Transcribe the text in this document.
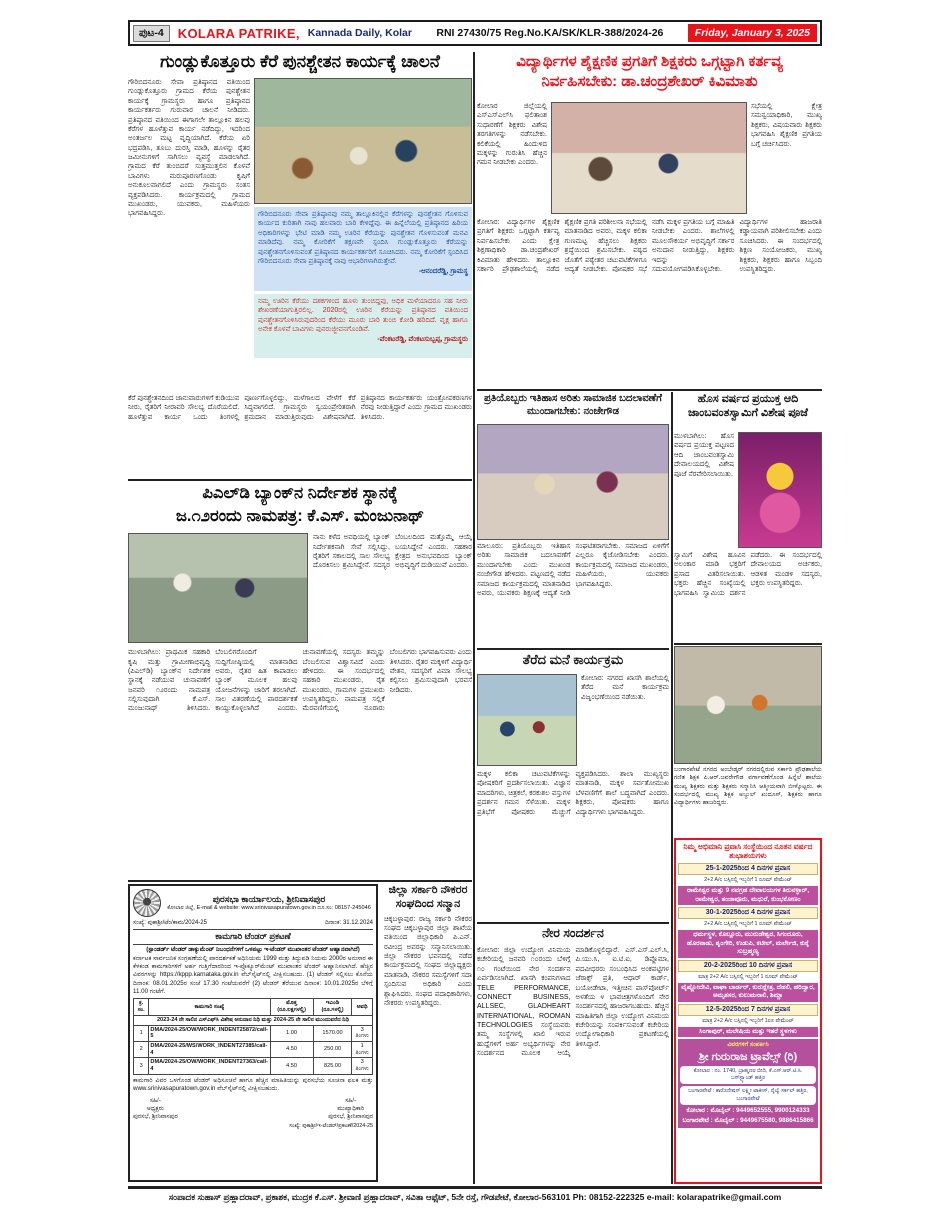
ಪುಟ-4	KOLARA PATRIKE, Kannada Daily, Kolar RNI 27430/75 Reg.No.KA/SK/KLR-388/2024-26	Friday, January 3, 2025
ಗುಂಡ್ಲುಕೊತ್ತೂರು ಕೆರೆ ಪುನಶ್ಚೇತನ ಕಾರ್ಯಕ್ಕೆ ಚಾಲನೆ
ಗೌರಿಬಿದನೂರು ಸೇವಾ ಪ್ರತಿಷ್ಠಾನದ ವತಿಯಿಂದ ಗುಂಡ್ಲುಕೊತ್ತೂರು ಗ್ರಾಮದ ಕೆರೆಯ ಪುನಶ್ಚೇತನ ಕಾರ್ಯಕ್ಕೆ ಗ್ರಾಮಸ್ಥರು ಹಾಗೂ ಪ್ರತಿಷ್ಠಾನದ ಕಾರ್ಯಕರ್ತರು ಗುರುವಾರ ಚಾಲನೆ ನೀಡಿದರು. ಪ್ರತಿಷ್ಠಾನದ ವತಿಯಿಂದ ಈಗಾಗಲೇ ತಾಲ್ಲೂಕಿನ ಹಲವು ಕೆರೆಗಳ ಹೂಳೆತ್ತುವ ಕಾರ್ಯ ನಡೆದಿದ್ದು, ಇದರಿಂದ ಅಂತರ್ಜಲ ಮಟ್ಟ ವೃದ್ಧಿಯಾಗಿದೆ. ಕೆರೆಯ ಏರಿ ಭದ್ರಪಡಿಸಿ, ತೂಬು ದುರಸ್ತಿ ಮಾಡಿ, ಹೂಳನ್ನು ರೈತರ ಜಮೀನುಗಳಿಗೆ ಸಾಗಿಸಲು ವ್ಯವಸ್ಥೆ ಮಾಡಲಾಗಿದೆ. ಗ್ರಾಮದ ಕೆರೆ ತುಂಬಿದರೆ ಸುತ್ತಮುತ್ತಲಿನ ಕೊಳವೆ ಬಾವಿಗಳು ಮರುಪೂರಣಗೊಂಡು ಕೃಷಿಗೆ ಅನುಕೂಲವಾಗಲಿದೆ ಎಂದು ಗ್ರಾಮಸ್ಥರು ಸಂತಸ ವ್ಯಕ್ತಪಡಿಸಿದರು. ಕಾರ್ಯಕ್ರಮದಲ್ಲಿ ಗ್ರಾಮದ ಮುಖಂಡರು, ಯುವಕರು, ಮಹಿಳೆಯರು ಭಾಗವಹಿಸಿದ್ದರು.	ಗೌರಿಬಿದನೂರು ಸೇವಾ ಪ್ರತಿಷ್ಠಾನವು ನಮ್ಮ ತಾಲ್ಲೂಕಿನಲ್ಲಿನ ಕೆರೆಗಳನ್ನು ಪುನಶ್ಚೇತನ ಗೊಳಿಸುವ ಕಾರ್ಯದ ಕುರಿತಾಗಿ ನಾವು ಹಲವಾರು ಬಾರಿ ಕೇಳಿದ್ದೆವು. ಈ ಹಿನ್ನೆಲೆಯಲ್ಲಿ ಪ್ರತಿಷ್ಠಾನದ ಹಿರಿಯ ಅಧಿಕಾರಿಗಳನ್ನು ಭೇಟಿ ಮಾಡಿ ನಮ್ಮ ಊರಿನ ಕೆರೆಯನ್ನು ಪುನಶ್ಚೇತನ ಗೊಳಿಸುವಂತೆ ಮನವಿ ಮಾಡಿದೆವು. ನಮ್ಮ ಕೋರಿಕೆಗೆ ತಕ್ಷಣವೇ ಸ್ಪಂದಿಸಿ ಗುಂಡ್ಲುಕೊತ್ತೂರು ಕೆರೆಯನ್ನು ಪುನಶ್ಚೇತನಗೊಳಿಸುವಂತೆ ಪ್ರತಿಷ್ಠಾನದ ಕಾರ್ಯಕರ್ತರಿಗೆ ಸೂಚಿಸಿದರು. ನಮ್ಮ ಕೋರಿಕೆಗೆ ಸ್ಪಂದಿಸಿದ ಗೌರಿಬಿದನೂರು ಸೇವಾ ಪ್ರತಿಷ್ಠಾನಕ್ಕೆ ನಾವು ಆಭಾರಿಗಳಾಗಿರುತ್ತೇವೆ.
-ಆನಂದರೆಡ್ಡಿ, ಗ್ರಾಮಸ್ಥ
ನಮ್ಮ ಊರಿನ ಕೆರೆಯು ದಶಕಗಳಿಂದ ಹೂಳು ತುಂಬಿದ್ದವು, ಅಧಿಕ ಮಳೆಯಾದರೂ ಸಹ ನೀರು ಶೇಖರಣೆಯಾಗುತ್ತಿರಲಿಲ್ಲ. 2020ರಲ್ಲಿ ಊರಿನ ಕೆರೆಯನ್ನು ಪ್ರತಿಷ್ಠಾನದ ವತಿಯಿಂದ ಪುನಶ್ಚೇತನಗೊಳಿಸಿರುವುದರಿಂದ ಕೆರೆಯು ಮೂರು ಬಾರಿ ತುಂಬಿ ಕೋಡಿ ಹರಿದಿದೆ. ವೃಕ್ಷ ಹಾಗೂ ಅನೇಕ ಕೊಳವೆ ಬಾವಿಗಳು ಪುನರುಜ್ಜೀವನಗೊಂಡಿವೆ.
-ವೆಂಕಟರೆಡ್ಡಿ, ವೆಂಕಟಸುಬ್ಬಪ್ಪ, ಗ್ರಾಮಸ್ಥರು
ಕೆರೆ ಪುನಶ್ಚೇತನದಿಂದ ಜಾನುವಾರುಗಳಿಗೆ ಕುಡಿಯುವ ನೀರು, ರೈತರಿಗೆ ನೀರಾವರಿ ಸೌಲಭ್ಯ ದೊರೆಯಲಿದೆ. ಹೂಳೆತ್ತುವ ಕಾರ್ಯ ಒಂದು ತಿಂಗಳಲ್ಲಿ ಪೂರ್ಣಗೊಳ್ಳಲಿದ್ದು, ಮಳೆಗಾಲದ ವೇಳೆಗೆ ಕೆರೆ ಸಿದ್ಧವಾಗಲಿದೆ. ಗ್ರಾಮಸ್ಥರು ಸ್ವಯಂಪ್ರೇರಿತರಾಗಿ ಶ್ರಮದಾನ ಮಾಡುತ್ತಿರುವುದು ವಿಶೇಷವಾಗಿದೆ. ಪ್ರತಿಷ್ಠಾನದ ಕಾರ್ಯಕರ್ತರು ಯಂತ್ರೋಪಕರಣಗಳ ನೆರವು ನೀಡುತ್ತಿದ್ದಾರೆ ಎಂದು ಗ್ರಾಮದ ಮುಖಂಡರು ತಿಳಿಸಿದರು.
ವಿದ್ಯಾರ್ಥಿಗಳ ಶೈಕ್ಷಣಿಕ ಪ್ರಗತಿಗೆ ಶಿಕ್ಷಕರು ಒಗ್ಗಟ್ಟಾಗಿ ಕರ್ತವ್ಯ ನಿರ್ವಹಿಸಬೇಕು: ಡಾ.ಚಂದ್ರಶೇಖರ್ ಕಿವಿಮಾತು
ಕೋಲಾರ ಜಿಲ್ಲೆಯಲ್ಲಿ ಎಸ್‌ಎಸ್‌ಎಲ್‌ಸಿ ಫಲಿತಾಂಶ ಸುಧಾರಣೆಗೆ ಶಿಕ್ಷಕರು ವಿಶೇಷ ತರಗತಿಗಳನ್ನು ನಡೆಸಬೇಕು. ಕಲಿಕೆಯಲ್ಲಿ ಹಿಂದುಳಿದ ಮಕ್ಕಳನ್ನು ಗುರುತಿಸಿ ಹೆಚ್ಚಿನ ಗಮನ ನೀಡಬೇಕು ಎಂದರು.
ಸಭೆಯಲ್ಲಿ ಕ್ಷೇತ್ರ ಸಮನ್ವಯಾಧಿಕಾರಿ, ಮುಖ್ಯ ಶಿಕ್ಷಕರು, ವಿಷಯವಾರು ಶಿಕ್ಷಕರು ಭಾಗವಹಿಸಿ ಶೈಕ್ಷಣಿಕ ಪ್ರಗತಿಯ ಬಗ್ಗೆ ಚರ್ಚಿಸಿದರು.
ಕೋಲಾರ: ವಿದ್ಯಾರ್ಥಿಗಳ ಶೈಕ್ಷಣಿಕ ಪ್ರಗತಿಗೆ ಶಿಕ್ಷಕರು ಒಗ್ಗಟ್ಟಾಗಿ ಕರ್ತವ್ಯ ನಿರ್ವಹಿಸಬೇಕು ಎಂದು ಕ್ಷೇತ್ರ ಶಿಕ್ಷಣಾಧಿಕಾರಿ ಡಾ.ಚಂದ್ರಶೇಖರ್ ಕಿವಿಮಾತು ಹೇಳಿದರು. ತಾಲ್ಲೂಕಿನ ಸರ್ಕಾರಿ ಪ್ರೌಢಶಾಲೆಯಲ್ಲಿ ನಡೆದ ಶೈಕ್ಷಣಿಕ ಪ್ರಗತಿ ಪರಿಶೀಲನಾ ಸಭೆಯಲ್ಲಿ ಮಾತನಾಡಿದ ಅವರು, ಮಕ್ಕಳ ಕಲಿಕಾ ಗುಣಮಟ್ಟ ಹೆಚ್ಚಿಸಲು ಶಿಕ್ಷಕರು ಶ್ರದ್ಧೆಯಿಂದ ಶ್ರಮಿಸಬೇಕು. ಪಠ್ಯದ ಜೊತೆಗೆ ಪಠ್ಯೇತರ ಚಟುವಟಿಕೆಗಳಿಗೂ ಆದ್ಯತೆ ನೀಡಬೇಕು. ಪೋಷಕರ ಸಭೆ ನಡೆಸಿ ಮಕ್ಕಳ ಪ್ರಗತಿಯ ಬಗ್ಗೆ ಮಾಹಿತಿ ನೀಡಬೇಕು ಎಂದರು. ಶಾಲೆಗಳಲ್ಲಿ ಮೂಲಸೌಕರ್ಯ ಅಭಿವೃದ್ಧಿಗೆ ಸರ್ಕಾರ ಅನುದಾನ ನೀಡುತ್ತಿದ್ದು, ಶಿಕ್ಷಕರು ಇದನ್ನು ಸದುಪಯೋಗಪಡಿಸಿಕೊಳ್ಳಬೇಕು. ವಿದ್ಯಾರ್ಥಿಗಳ ಹಾಜರಾತಿ ಕಡ್ಡಾಯವಾಗಿ ಪರಿಶೀಲಿಸಬೇಕು ಎಂದು ಸೂಚಿಸಿದರು. ಈ ಸಂದರ್ಭದಲ್ಲಿ ಶಿಕ್ಷಣ ಸಂಯೋಜಕರು, ಮುಖ್ಯ ಶಿಕ್ಷಕರು, ಶಿಕ್ಷಕರು ಹಾಗೂ ಸಿಬ್ಬಂದಿ ಉಪಸ್ಥಿತರಿದ್ದರು.
ಪ್ರತಿಯೊಬ್ಬರು ಇತಿಹಾಸ ಅರಿತು ಸಾಮಾಜಿಕ ಬದಲಾವಣೆಗೆ ಮುಂದಾಗಬೇಕು: ನಂಜೇಗೌಡ
ಮಾಲೂರು: ಪ್ರತಿಯೊಬ್ಬರು ಇತಿಹಾಸ ಅರಿತು ಸಾಮಾಜಿಕ ಬದಲಾವಣೆಗೆ ಮುಂದಾಗಬೇಕು ಎಂದು ಮುಖಂಡ ನಂಜೇಗೌಡ ಹೇಳಿದರು. ಪಟ್ಟಣದಲ್ಲಿ ನಡೆದ ಸಮಾಜದ ಕಾರ್ಯಕ್ರಮದಲ್ಲಿ ಮಾತನಾಡಿದ ಅವರು, ಯುವಕರು ಶಿಕ್ಷಣಕ್ಕೆ ಆದ್ಯತೆ ನೀಡಿ ಸಂಘಟಿತರಾಗಬೇಕು. ಸಮಾಜದ ಏಳಿಗೆಗೆ ಎಲ್ಲರೂ ಕೈಜೋಡಿಸಬೇಕು ಎಂದರು. ಕಾರ್ಯಕ್ರಮದಲ್ಲಿ ಸಮಾಜದ ಮುಖಂಡರು, ಮಹಿಳೆಯರು, ಯುವಕರು ಭಾಗವಹಿಸಿದ್ದರು.
ಹೊಸ ವರ್ಷದ ಪ್ರಯುಕ್ತ ಆದಿ ಜಾಂಬವಂತಸ್ವಾಮಿಗೆ ವಿಶೇಷ ಪೂಜೆ
ಮುಳಬಾಗಿಲು: ಹೊಸ ವರ್ಷದ ಪ್ರಯುಕ್ತ ಪಟ್ಟಣದ ಆದಿ ಜಾಂಬವಂತಸ್ವಾಮಿ ದೇವಾಲಯದಲ್ಲಿ ವಿಶೇಷ ಪೂಜೆ ನೆರವೇರಿಸಲಾಯಿತು.
ಸ್ವಾಮಿಗೆ ವಿಶೇಷ ಹೂವಿನ ಅಲಂಕಾರ ಮಾಡಿ ಭಕ್ತರಿಗೆ ಪ್ರಸಾದ ವಿತರಿಸಲಾಯಿತು. ಭಕ್ತರು ಹೆಚ್ಚಿನ ಸಂಖ್ಯೆಯಲ್ಲಿ ಭಾಗವಹಿಸಿ ಸ್ವಾಮಿಯ ದರ್ಶನ ಪಡೆದರು. ಈ ಸಂದರ್ಭದಲ್ಲಿ ದೇವಾಲಯದ ಅರ್ಚಕರು, ಆಡಳಿತ ಮಂಡಳಿ ಸದಸ್ಯರು, ಭಕ್ತರು ಉಪಸ್ಥಿತರಿದ್ದರು.
ಪಿಎಲ್‌ಡಿ ಬ್ಯಾಂಕ್‌ನ ನಿರ್ದೇಶಕ ಸ್ಥಾನಕ್ಕೆ
ಜ.೧೨ರಂದು ನಾಮಪತ್ರ: ಕೆ.ಎಸ್. ಮಂಜುನಾಥ್
ನಾನು ಕಳೆದ ಅವಧಿಯಲ್ಲಿ ಬ್ಯಾಂಕ್ ನಿರ್ದೇಶಕನಾಗಿ ಸೇವೆ ಸಲ್ಲಿಸಿದ್ದು, ರೈತರಿಗೆ ಸಕಾಲದಲ್ಲಿ ಸಾಲ ಸೌಲಭ್ಯ ದೊರಕಿಸಲು ಶ್ರಮಿಸಿದ್ದೇನೆ. ಸದಸ್ಯರ ಬೆಂಬಲದಿಂದ ಮತ್ತೊಮ್ಮೆ ಆಯ್ಕೆ ಬಯಸಿದ್ದೇನೆ ಎಂದರು. ಸಹಕಾರ ಕ್ಷೇತ್ರದ ಅನುಭವದಿಂದ ಬ್ಯಾಂಕ್ ಅಭಿವೃದ್ಧಿಗೆ ದುಡಿಯುವೆ ಎಂದರು.
ಮುಳಬಾಗಿಲು: ಪ್ರಾಥಮಿಕ ಸಹಕಾರಿ ಕೃಷಿ ಮತ್ತು ಗ್ರಾಮೀಣಾಭಿವೃದ್ಧಿ (ಪಿಎಲ್‌ಡಿ) ಬ್ಯಾಂಕ್‌ನ ನಿರ್ದೇಶಕ ಸ್ಥಾನಕ್ಕೆ ನಡೆಯುವ ಚುನಾವಣೆಗೆ ಜನವರಿ ೧೨ರಂದು ನಾಮಪತ್ರ ಸಲ್ಲಿಸುವುದಾಗಿ ಕೆ.ಎಸ್. ಮಂಜುನಾಥ್ ತಿಳಿಸಿದರು. ಬೆಂಬಲಿಗರೊಂದಿಗೆ ಸುದ್ದಿಗೋಷ್ಠಿಯಲ್ಲಿ ಮಾತನಾಡಿದ ಅವರು, ರೈತರ ಹಿತ ಕಾಪಾಡಲು ಬ್ಯಾಂಕ್ ಮೂಲಕ ಹಲವು ಯೋಜನೆಗಳನ್ನು ಜಾರಿಗೆ ತರಲಾಗಿದೆ. ಸಾಲ ವಿತರಣೆಯಲ್ಲಿ ಪಾರದರ್ಶಕತೆ ಕಾಯ್ದುಕೊಳ್ಳಲಾಗಿದೆ ಎಂದರು. ಚುನಾವಣೆಯಲ್ಲಿ ಸದಸ್ಯರು ತಮ್ಮನ್ನು ಬೆಂಬಲಿಸುವ ವಿಶ್ವಾಸವಿದೆ ಎಂದು ಹೇಳಿದರು. ಈ ಸಂದರ್ಭದಲ್ಲಿ ಸಹಕಾರಿ ಮುಖಂಡರು, ರೈತ ಮುಖಂಡರು, ಗ್ರಾಮಗಳ ಪ್ರಮುಖರು ಉಪಸ್ಥಿತರಿದ್ದರು. ನಾಮಪತ್ರ ಸಲ್ಲಿಕೆ ಮೆರವಣಿಗೆಯಲ್ಲಿ ನೂರಾರು ಬೆಂಬಲಿಗರು ಭಾಗವಹಿಸುವರು ಎಂದು ತಿಳಿಸಿದರು. ರೈತರ ಮಕ್ಕಳಿಗೆ ವಿದ್ಯಾರ್ಥಿ ವೇತನ, ಸದಸ್ಯರಿಗೆ ವಿಮಾ ಸೌಲಭ್ಯ ಕಲ್ಪಿಸಲು ಶ್ರಮಿಸುವುದಾಗಿ ಭರವಸೆ ನೀಡಿದರು.
ತೆರೆದ ಮನೆ ಕಾರ್ಯಕ್ರಮ
ಕೋಲಾರ: ನಗರದ ಖಾಸಗಿ ಶಾಲೆಯಲ್ಲಿ ತೆರೆದ ಮನೆ ಕಾರ್ಯಕ್ರಮ ವಿಜೃಂಭಣೆಯಿಂದ ನಡೆಯಿತು.
ಮಕ್ಕಳ ಕಲಿಕಾ ಚಟುವಟಿಕೆಗಳನ್ನು ಪೋಷಕರಿಗೆ ಪ್ರದರ್ಶಿಸಲಾಯಿತು. ವಿಜ್ಞಾನ ಮಾದರಿಗಳು, ಚಿತ್ರಕಲೆ, ಕರಕುಶಲ ವಸ್ತುಗಳ ಪ್ರದರ್ಶನ ಗಮನ ಸೆಳೆಯಿತು. ಮಕ್ಕಳ ಪ್ರತಿಭೆಗೆ ಪೋಷಕರು ಮೆಚ್ಚುಗೆ ವ್ಯಕ್ತಪಡಿಸಿದರು. ಶಾಲಾ ಮುಖ್ಯಸ್ಥರು ಮಾತನಾಡಿ, ಮಕ್ಕಳ ಸರ್ವತೋಮುಖ ಬೆಳವಣಿಗೆಗೆ ಶಾಲೆ ಬದ್ಧವಾಗಿದೆ ಎಂದರು. ಶಿಕ್ಷಕರು, ಪೋಷಕರು ಹಾಗೂ ವಿದ್ಯಾರ್ಥಿಗಳು ಭಾಗವಹಿಸಿದ್ದರು.
ನೇರ ಸಂದರ್ಶನ
ಕೋಲಾರ: ಜಿಲ್ಲಾ ಉದ್ಯೋಗ ವಿನಿಮಯ ಕಚೇರಿಯಲ್ಲಿ ಜನವರಿ ೧೦ರಂದು ಬೆಳಿಗ್ಗೆ ೧೦ ಗಂಟೆಯಿಂದ ನೇರ ಸಂದರ್ಶನ ಏರ್ಪಡಿಸಲಾಗಿದೆ. ಖಾಸಗಿ ಕಂಪನಿಗಳಾದ TELE PERFORMANCE, CONNECT BUSINESS, ALLSEC, GLADHEART INTERNATIONAL, ROOMAN TECHNOLOGIES ಸಂಸ್ಥೆಯವರು ತಮ್ಮ ಸಂಸ್ಥೆಗಳಲ್ಲಿ ಖಾಲಿ ಇರುವ ಹುದ್ದೆಗಳಿಗೆ ಅರ್ಹ ಅಭ್ಯರ್ಥಿಗಳನ್ನು ನೇರ ಸಂದರ್ಶನದ ಮೂಲಕ ಆಯ್ಕೆ ಮಾಡಿಕೊಳ್ಳಲಿದ್ದಾರೆ. ಎಸ್.ಎಸ್.ಎಲ್.ಸಿ, ಪಿ.ಯು.ಸಿ, ಐ.ಟಿ.ಐ, ಡಿಪ್ಲೊಮಾ, ಪದವೀಧರರು ಸಂಬಂಧಿಸಿದ ಅಂಕಪಟ್ಟಿಗಳ ಜೆರಾಕ್ಸ್ ಪ್ರತಿ, ಆಧಾರ್ ಕಾರ್ಡ್, ಬಯೋಡೇಟಾ, ಇತ್ತೀಚಿನ ಪಾಸ್‌ಪೋರ್ಟ್ ಅಳತೆಯ ೪ ಭಾವಚಿತ್ರಗಳೊಂದಿಗೆ ನೇರ ಸಂದರ್ಶನದಲ್ಲಿ ಹಾಜರಾಗಬಹುದು. ಹೆಚ್ಚಿನ ಮಾಹಿತಿಗಾಗಿ ಜಿಲ್ಲಾ ಉದ್ಯೋಗ ವಿನಿಮಯ ಕಚೇರಿಯನ್ನು ಸಂಪರ್ಕಿಸುವಂತೆ ಕಚೇರಿಯ ಉದ್ಯೋಗಾಧಿಕಾರಿ ಪ್ರಕಟಣೆಯಲ್ಲಿ ತಿಳಿಸಿದ್ದಾರೆ.
ಜಿಲ್ಲಾ ಸರ್ಕಾರಿ ನೌಕರರ ಸಂಘದಿಂದ ಸನ್ಮಾನ
ಚಿಕ್ಕಬಳ್ಳಾಪುರ: ರಾಜ್ಯ ಸರ್ಕಾರಿ ನೌಕರರ ಸಂಘದ ಚಿಕ್ಕಬಳ್ಳಾಪುರ ಜಿಲ್ಲಾ ಶಾಖೆಯ ವತಿಯಿಂದ ಜಿಲ್ಲಾಧಿಕಾರಿ ಪಿ.ಎನ್. ರವೀಂದ್ರ ಅವರನ್ನು ಸನ್ಮಾನಿಸಲಾಯಿತು. ಜಿಲ್ಲಾ ನೌಕರರ ಭವನದಲ್ಲಿ ನಡೆದ ಕಾರ್ಯಕ್ರಮದಲ್ಲಿ ಸಂಘದ ಜಿಲ್ಲಾಧ್ಯಕ್ಷರು ಮಾತನಾಡಿ, ನೌಕರರ ಸಮಸ್ಯೆಗಳಿಗೆ ಸದಾ ಸ್ಪಂದಿಸುವ ಅಧಿಕಾರಿ ಎಂದು ಶ್ಲಾಘಿಸಿದರು. ಸಂಘದ ಪದಾಧಿಕಾರಿಗಳು, ನೌಕರರು ಉಪಸ್ಥಿತರಿದ್ದರು.
ಬಂಗಾರಪೇಟೆ ನಗರದ ಅಂಬೇಡ್ಕರ್ ನಗರದಲ್ಲಿರುವ ಸರ್ಕಾರಿ ಪ್ರೌಢಶಾಲೆಯ ಗಣಿತ ಶಿಕ್ಷಕ ಪಿ.ಆರ್.ಜವರೇಗೌಡ ವರ್ಗಾವಣೆಗೊಂಡ ಹಿನ್ನೆಲೆ ಶಾಲೆಯ ಮುಖ್ಯ ಶಿಕ್ಷಕರು ಮತ್ತು ಶಿಕ್ಷಕರು ಸನ್ಮಾನಿಸಿ ಆತ್ಮೀಯವಾಗಿ ಬೀಳ್ಕೊಟ್ಟರು. ಈ ಸಂದರ್ಭದಲ್ಲಿ ಮುಖ್ಯ ಶಿಕ್ಷಕ ಅಬ್ದುಲ್ ಖುದೂಸ್, ಶಿಕ್ಷಕರು ಹಾಗೂ ವಿದ್ಯಾರ್ಥಿಗಳು ಹಾಜರಿದ್ದರು.
ಪುರಸಭಾ ಕಾರ್ಯಾಲಯ, ಶ್ರೀನಿವಾಸಪುರ
ಕೋಲಾರ ಜಿಲ್ಲೆ, E-mail & website: www.srinivasapuratown.gov.in ದೂ.ಸಂ: 08157-245046
ಸಂಖ್ಯೆ: ಪುಕಾಶ್ರೀ/ಟೆಂ/ಕಾಮ/2024-25	ದಿನಾಂಕ: 31.12.2024
ಕಾಮಗಾರಿ ಟೆಂಡರ್ ಪ್ರಕಟಣೆ
(ಸ್ಟಾಂಡರ್ಡ್ ಟೆಂಡರ್ ಡಾಕ್ಯುಮೆಂಟ್ ನಿಬಂಧನೆಗಳಿಗೆ ಒಳಪಟ್ಟು ಇ-ಟೆಂಡರ್ ಮುಖಾಂತರ ಟೆಂಡರ್ ಆಹ್ವಾನವಾಗಿದೆ)
ಕರ್ನಾಟಕ ಸಾರ್ವಜನಿಕ ಸಂಗ್ರಹಣೆಯಲ್ಲಿ ಪಾರದರ್ಶಕತೆ ಅಧಿನಿಯಮ 1999 ಮತ್ತು ತಿದ್ದುಪಡಿ ನಿಯಮ 2000ರ ಅನುಸಾರ ಈ ಕೆಳಕಂಡ ಕಾಮಗಾರಿಗಳಿಗೆ ಅರ್ಹ ಗುತ್ತಿಗೆದಾರರಿಂದ ಇ-ಪ್ರೊಕ್ಯೂರ್‌ಮೆಂಟ್ ಮುಖಾಂತರ ಟೆಂಡರ್ ಆಹ್ವಾನಿಸಲಾಗಿದೆ. ಹೆಚ್ಚಿನ ವಿವರಗಳನ್ನು https://kppp.karnataka.gov.in ವೆಬ್‌ಸೈಟ್‌ನಲ್ಲಿ ವೀಕ್ಷಿಸಬಹುದು. (1) ಟೆಂಡರ್ ಸಲ್ಲಿಸಲು ಕೊನೆಯ ದಿನಾಂಕ: 08.01.2025ರ ಸಂಜೆ 17.30 ಗಂಟೆಯವರೆಗೆ (2) ಟೆಂಡರ್ ತೆರೆಯುವ ದಿನಾಂಕ: 10.01.2025ರ ಬೆಳಿಗ್ಗೆ 11.00 ಗಂಟೆಗೆ.
ಕ್ರ. ಸಂ.	ಕಾಮಗಾರಿ ಸಂಖ್ಯೆ	ಮೊತ್ತ (ರೂ.ಲಕ್ಷಗಳಲ್ಲಿ)	ಇಎಂಡಿ (ರೂ.ಗಳಲ್ಲಿ)	ಅವಧಿ
2023-24 ನೇ ಸಾಲಿನ ಎಸ್‌ಎಫ್‌ಸಿ ವಿಶೇಷ ಅನುದಾನ ನಿಧಿ ಮತ್ತು 2024-25 ನೇ ಸಾಲಿನ ಮುಂದುವರೆದ ನಿಧಿ				
1	DMA/2024-25/OW/WORK_INDENT25872/call-5	1.00	1570.00	3 ತಿಂಗಳು
2	DMA/2024-25/WS/WORK_INDENT27385/call-4	4.50	250.00	1 ತಿಂಗಳು
3	DMA/2024-25/OW/WORK_INDENT27363/call-4	4.50	825.00	3 ತಿಂಗಳು
ಕಾಮಗಾರಿ ವಿವರ ಒಳಗೊಂಡ ಟೆಂಡರ್ ಅಧಿಸೂಚನೆ ಹಾಗೂ ಹೆಚ್ಚಿನ ಮಾಹಿತಿಯನ್ನು ಪುರಸಭೆಯ ಸೂಚನಾ ಫಲಕ ಮತ್ತು www.srinivasapuratown.gov.in ವೆಬ್‌ಸೈಟ್‌ನಲ್ಲಿ ವೀಕ್ಷಿಸಬಹುದು.
ಸಹಿ/-
ಅಧ್ಯಕ್ಷರು
ಪುರಸಭೆ, ಶ್ರೀನಿವಾಸಪುರ
ಸಹಿ/-
ಮುಖ್ಯಾಧಿಕಾರಿ
ಪುರಸಭೆ, ಶ್ರೀನಿವಾಸಪುರ
ಸಂಖ್ಯೆ: ಪುಕಾಶ್ರೀ/ಇ-ಟೆಂಡರ್/ಪ್ರಕಟಣೆ/2024-25
ನಿಮ್ಮ ಅಭಿಮಾನಿ ಪ್ರವಾಸಿ ಸಂಸ್ಥೆಯಿಂದ ನೂತನ ವರ್ಷದ ಶುಭಾಶಯಗಳು
25-1-2025ರಿಂದ 4 ದಿನಗಳ ಪ್ರವಾಸ
2+2 A/c ಬಸ್ಸಿನಲ್ಲಿ ಇಬ್ಬರಿಗೆ 1 ರೂಮ್ ಪೇಮೆಂಟ್
ರಾಮೇಶ್ವರ ಮತ್ತು 9 ನವಗ್ರಹ ದೇವಾಲಯಗಳ ತಿರುನಳ್ಳಾರ್, ರಾಮೇಶ್ವರ, ತಂಜಾವೂರು, ಮಧುರೆ, ಕುಂಭಕೋಣಂ
30-1-2025ರಿಂದ 4 ದಿನಗಳ ಪ್ರವಾಸ
2+2 A/c ಬಸ್ಸಿನಲ್ಲಿ ಇಬ್ಬರಿಗೆ 1 ರೂಮ್ ಪೇಮೆಂಟ್
ಧರ್ಮಸ್ಥಳ, ಕೊಲ್ಲೂರು, ಮುರುಡೇಶ್ವರ, ಸಿಗಂದೂರು, ಹೊರನಾಡು, ಶೃಂಗೇರಿ, ಉಡುಪಿ, ಕಟೀಲ್, ಮರ್ಲೇಜಿ, ಕುಕ್ಕೆ ಸುಬ್ರಹ್ಮಣ್ಯ
20-2-2025ರಿಂದ 10 ದಿನಗಳ ಪ್ರವಾಸ
ಮಾತ್ರ 2+2 A/c ಬಸ್ಸಿನಲ್ಲಿ ಇಬ್ಬರಿಗೆ 1 ರೂಮ್ ಪೇಮೆಂಟ್
ವೈಷ್ಣೋದೇವಿ, ವಾಘಾ ಬಾರ್ಡರ್, ಕುರುಕ್ಷೇತ್ರ, ದೆಹಲಿ, ಹರಿದ್ವಾರ, ಅಮೃತಸರ, ಕುಲುಮನಾಲಿ, ಶಿಮ್ಲಾ
12-5-2025ರಿಂದ 7 ದಿನಗಳ ಪ್ರವಾಸ
ಮಾತ್ರ 2+2 A/c ಬಸ್ಸಿನಲ್ಲಿ ಇಬ್ಬರಿಗೆ 1ರೂ ಪೇಮೆಂಟ್
ಸಿಂಗಾಪುರ್, ಮಲೇಷಿಯ ಮತ್ತು ಇತರೆ ಸ್ಥಳಗಳು
ವಿವರಗಳಿಗೆ ಸಂಪರ್ಕಿಸಿ
ಶ್ರೀ ಗುರುರಾಜ ಟ್ರಾವೆಲ್ಸ್ (ರಿ)
ಕೋಲಾರ : ನಂ. 1740, ಬ್ರಾಹ್ಮಣರ ಬೀದಿ, ಕೆ.ಎಸ್.ಆರ್.ಟಿ.ಸಿ. ಬಸ್‌ಸ್ಟ್ಯಾಂಡ್ ಹತ್ತಿರ
ಬಂಗಾರಪೇಟೆ : ಕಾರೊನೇಷನ್ ಲಕ್ಷ್ಮೀ ಟಾಕೀಸ್, ರೈಲ್ವೆ ಸರ್ಕಲ್ ಹತ್ತಿರ, ಬಂಗಾರಪೇಟೆ
ಕೋಲಾರ : ಮೊಬೈಲ್ : 9449652555, 9900124333
ಬಂಗಾರಪೇಟೆ : ಮೊಬೈಲ್ : 9449675580, 9886415866
ಸಂಪಾದಕ ಸುಹಾಸ್ ಪ್ರಹ್ಲಾದರಾವ್, ಪ್ರಕಾಶಕ, ಮುದ್ರಕ ಕೆ.ಎಸ್. ಶ್ರೀವಾಣಿ ಪ್ರಹ್ಲಾದರಾವ್, ಸವಿತಾ ಆಫ್ಸೆಟ್, 5ನೇ ರಸ್ತೆ, ಗೌಡಪೇಟೆ, ಕೋಲಾರ-563101 Ph: 08152-222325 e-mail: kolarapatrike@gmail.com
